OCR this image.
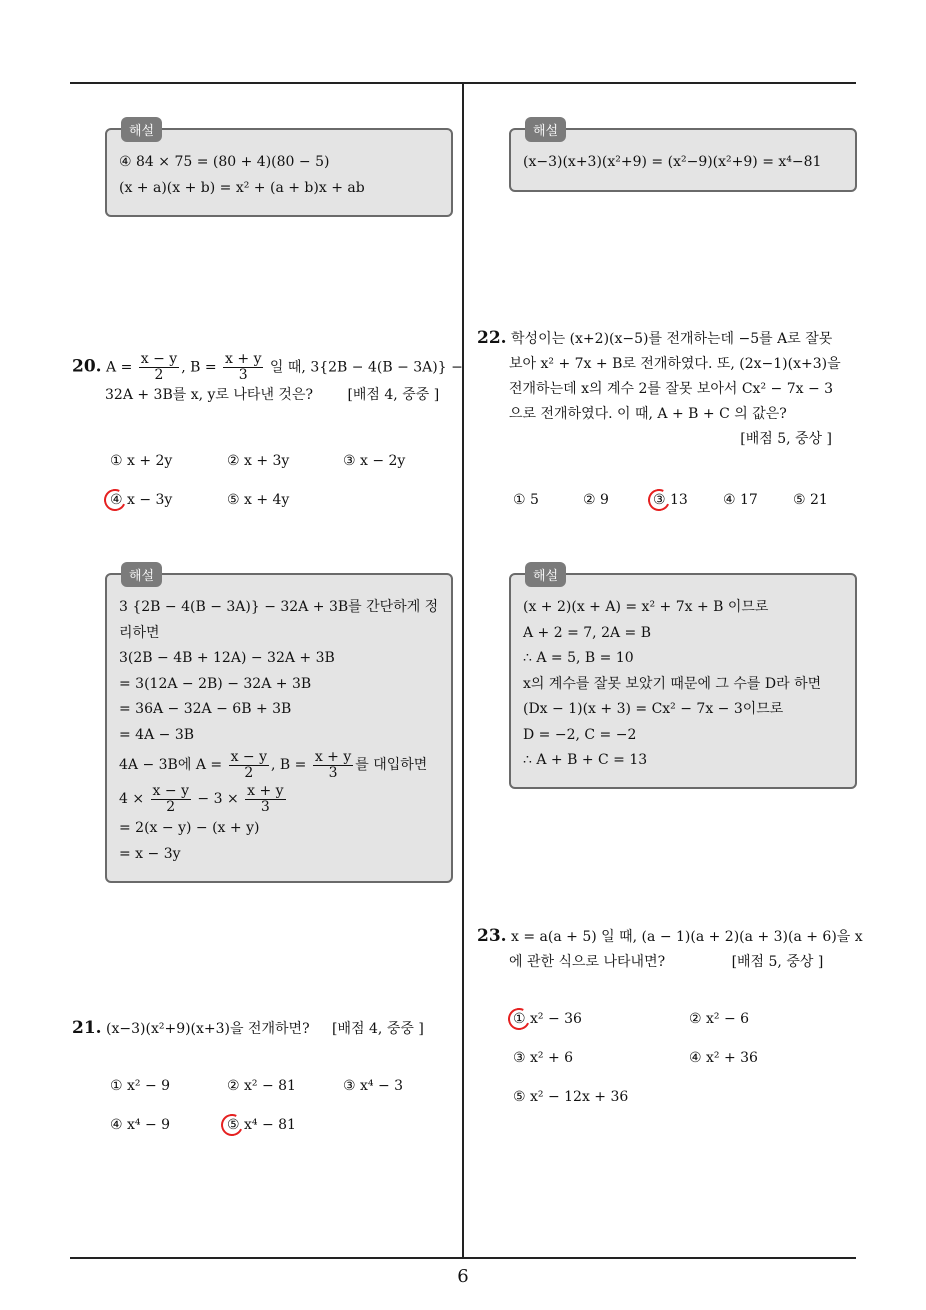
해설
④ 84 × 75 = (80 + 4)(80 − 5)
(x + a)(x + b) = x² + (a + b)x + ab
해설
(x−3)(x+3)(x²+9) = (x²−9)(x²+9) = x⁴−81
20. $A = \frac{x - y}{2}$ , $B = \frac{x + y}{3}$ 일 때, 3{2B − 4(B − 3A)} −
32A + 3B를 x, y로 나타낸 것은? [배점 4, 중중 ]
① x + 2y	② x + 3y	③ x − 2y
④ x − 3y	⑤ x + 4y
22. 학성이는 (x+2)(x−5)를 전개하는데 −5를 A로 잘못
보아 x² + 7x + B로 전개하였다. 또, (2x−1)(x+3)을
전개하는데 x의 계수 2를 잘못 보아서 Cx² − 7x − 3
으로 전개하였다. 이 때, A + B + C 의 값은?
[배점 5, 중상 ]
① 5	② 9	③ 13	④ 17	⑤ 21
해설
3 {2B − 4(B − 3A)} − 32A + 3B를 간단하게 정
리하면
3(2B − 4B + 12A) − 32A + 3B
= 3(12A − 2B) − 32A + 3B
= 36A − 32A − 6B + 3B
= 4A − 3B
4A − 3B에 $A = \frac{x - y}{2}$ , $B = \frac{x + y}{3}$ 를 대입하면
$4 \times \frac{x - y}{2} - 3 \times \frac{x + y}{3}$
= 2(x − y) − (x + y)
= x − 3y
해설
(x + 2)(x + A) = x² + 7x + B 이므로
A + 2 = 7, 2A = B
∴ A = 5, B = 10
x의 계수를 잘못 보았기 때문에 그 수를 D라 하면
(Dx − 1)(x + 3) = Cx² − 7x − 3이므로
D = −2, C = −2
∴ A + B + C = 13
23. x = a(a + 5) 일 때, (a − 1)(a + 2)(a + 3)(a + 6)을 x
에 관한 식으로 나타내면?	[배점 5, 중상 ]
① x² − 36	② x² − 6
③ x² + 6	④ x² + 36
⑤ x² − 12x + 36
21. (x−3)(x²+9)(x+3)을 전개하면? [배점 4, 중중 ]
① x² − 9	② x² − 81	③ x⁴ − 3
④ x⁴ − 9	⑤ x⁴ − 81
6
